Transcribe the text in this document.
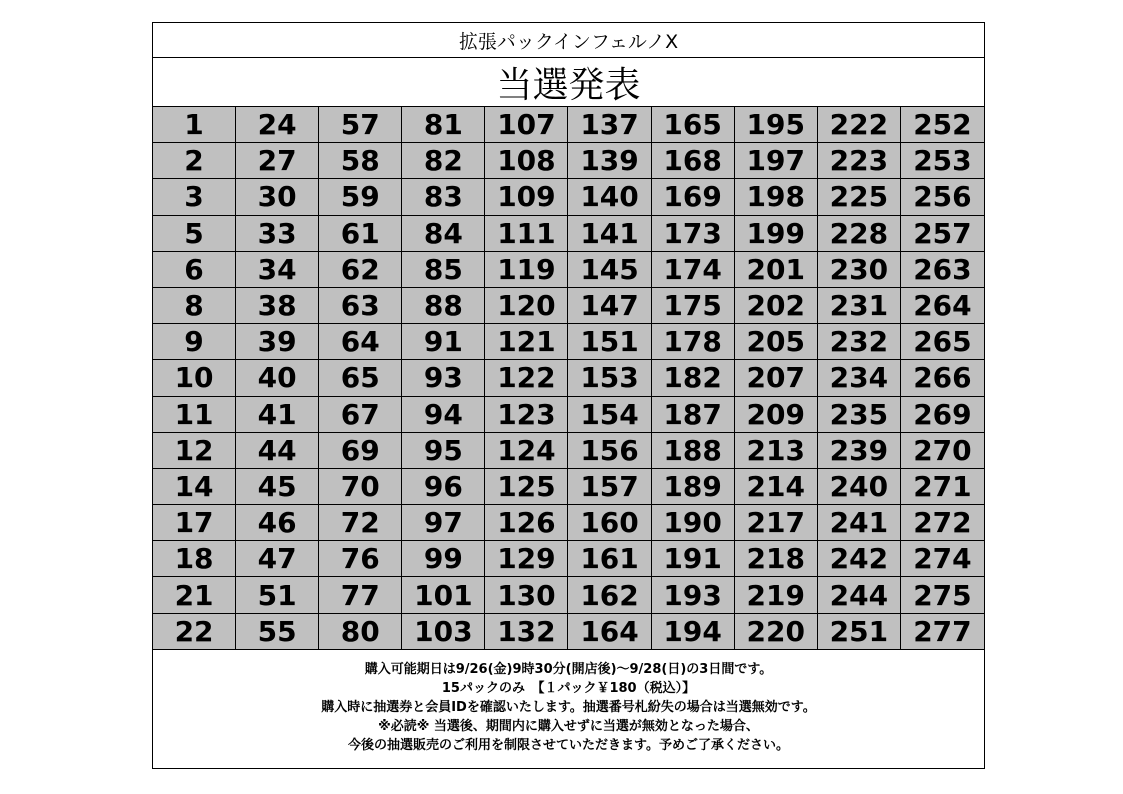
拡張パックインフェルノX
当選発表
1	24	57	81	107 137 165 195 222 252
2	27	58	82	108 139 168 197 223 253
3	30	59	83	109 140 169 198 225 256
5	33	61	84	111 141 173 199 228 257
6	34	62	85	119 145 174 201 230 263
8	38	63	88	120 147 175 202 231 264
9	39	64	91	121 151 178 205 232 265
10	40	65	93	122 153 182 207 234 266
11	41	67	94	123 154 187 209 235 269
12	44	69	95	124 156 188 213 239 270
14	45	70	96	125 157 189 214 240 271
17	46	72	97	126 160 190 217 241 272
18	47	76	99	129 161 191 218 242 274
21	51	77	101 130 162 193 219 244 275
22	55	80	103 132 164 194 220 251 277
購入可能期日は9/26(金)9時30分(開店後)～9/28(日)の3日間です。
15パックのみ　【１パック￥180（税込）】
購入時に抽選券と会員IDを確認いたします。抽選番号札紛失の場合は当選無効です。
※必読※ 当選後、期間内に購入せずに当選が無効となった場合、
今後の抽選販売のご利用を制限させていただきます。予めご了承ください。
